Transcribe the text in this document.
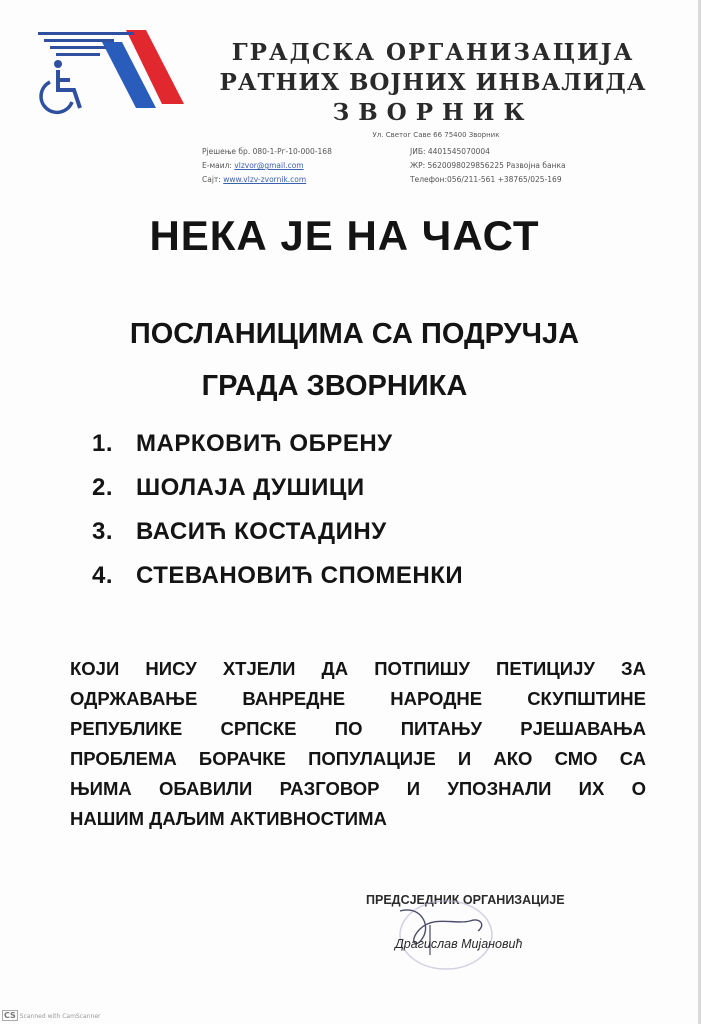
ГРАДСКА ОРГАНИЗАЦИЈА
РАТНИХ ВОЈНИХ ИНВАЛИДА
ЗВОРНИК
Ул. Светог Саве 66 75400 Зворник
Рјешење бр. 080-1-Рг-10-000-168	ЈИБ: 4401545070004
Е-маил: vlzvor@gmail.com	ЖР: 5620098029856225 Развојна банка
Сајт: www.vlzv-zvornik.com	Телефон:056/211-561 +38765/025-169
НЕКА ЈЕ НА ЧАСТ
ПОСЛАНИЦИМА СА ПОДРУЧЈА
ГРАДА ЗВОРНИКА
1. МАРКОВИЋ ОБРЕНУ
2. ШОЛАЈА ДУШИЦИ
3. ВАСИЋ КОСТАДИНУ
4. СТЕВАНОВИЋ СПОМЕНКИ
КОЈИ НИСУ ХТЈЕЛИ ДА ПОТПИШУ ПЕТИЦИЈУ ЗА
ОДРЖАВАЊЕ ВАНРЕДНЕ НАРОДНЕ СКУПШТИНЕ
РЕПУБЛИКЕ СРПСКЕ ПО ПИТАЊУ РЈЕШАВАЊА
ПРОБЛЕМА БОРАЧКЕ ПОПУЛАЦИЈЕ И АКО СМО СА
ЊИМА ОБАВИЛИ РАЗГОВОР И УПОЗНАЛИ ИХ О
НАШИМ ДАЉИМ АКТИВНОСТИМА
ПРЕДСЈЕДНИК ОРГАНИЗАЦИЈЕ
Драгислав Мијановић
CS Scanned with CamScanner
